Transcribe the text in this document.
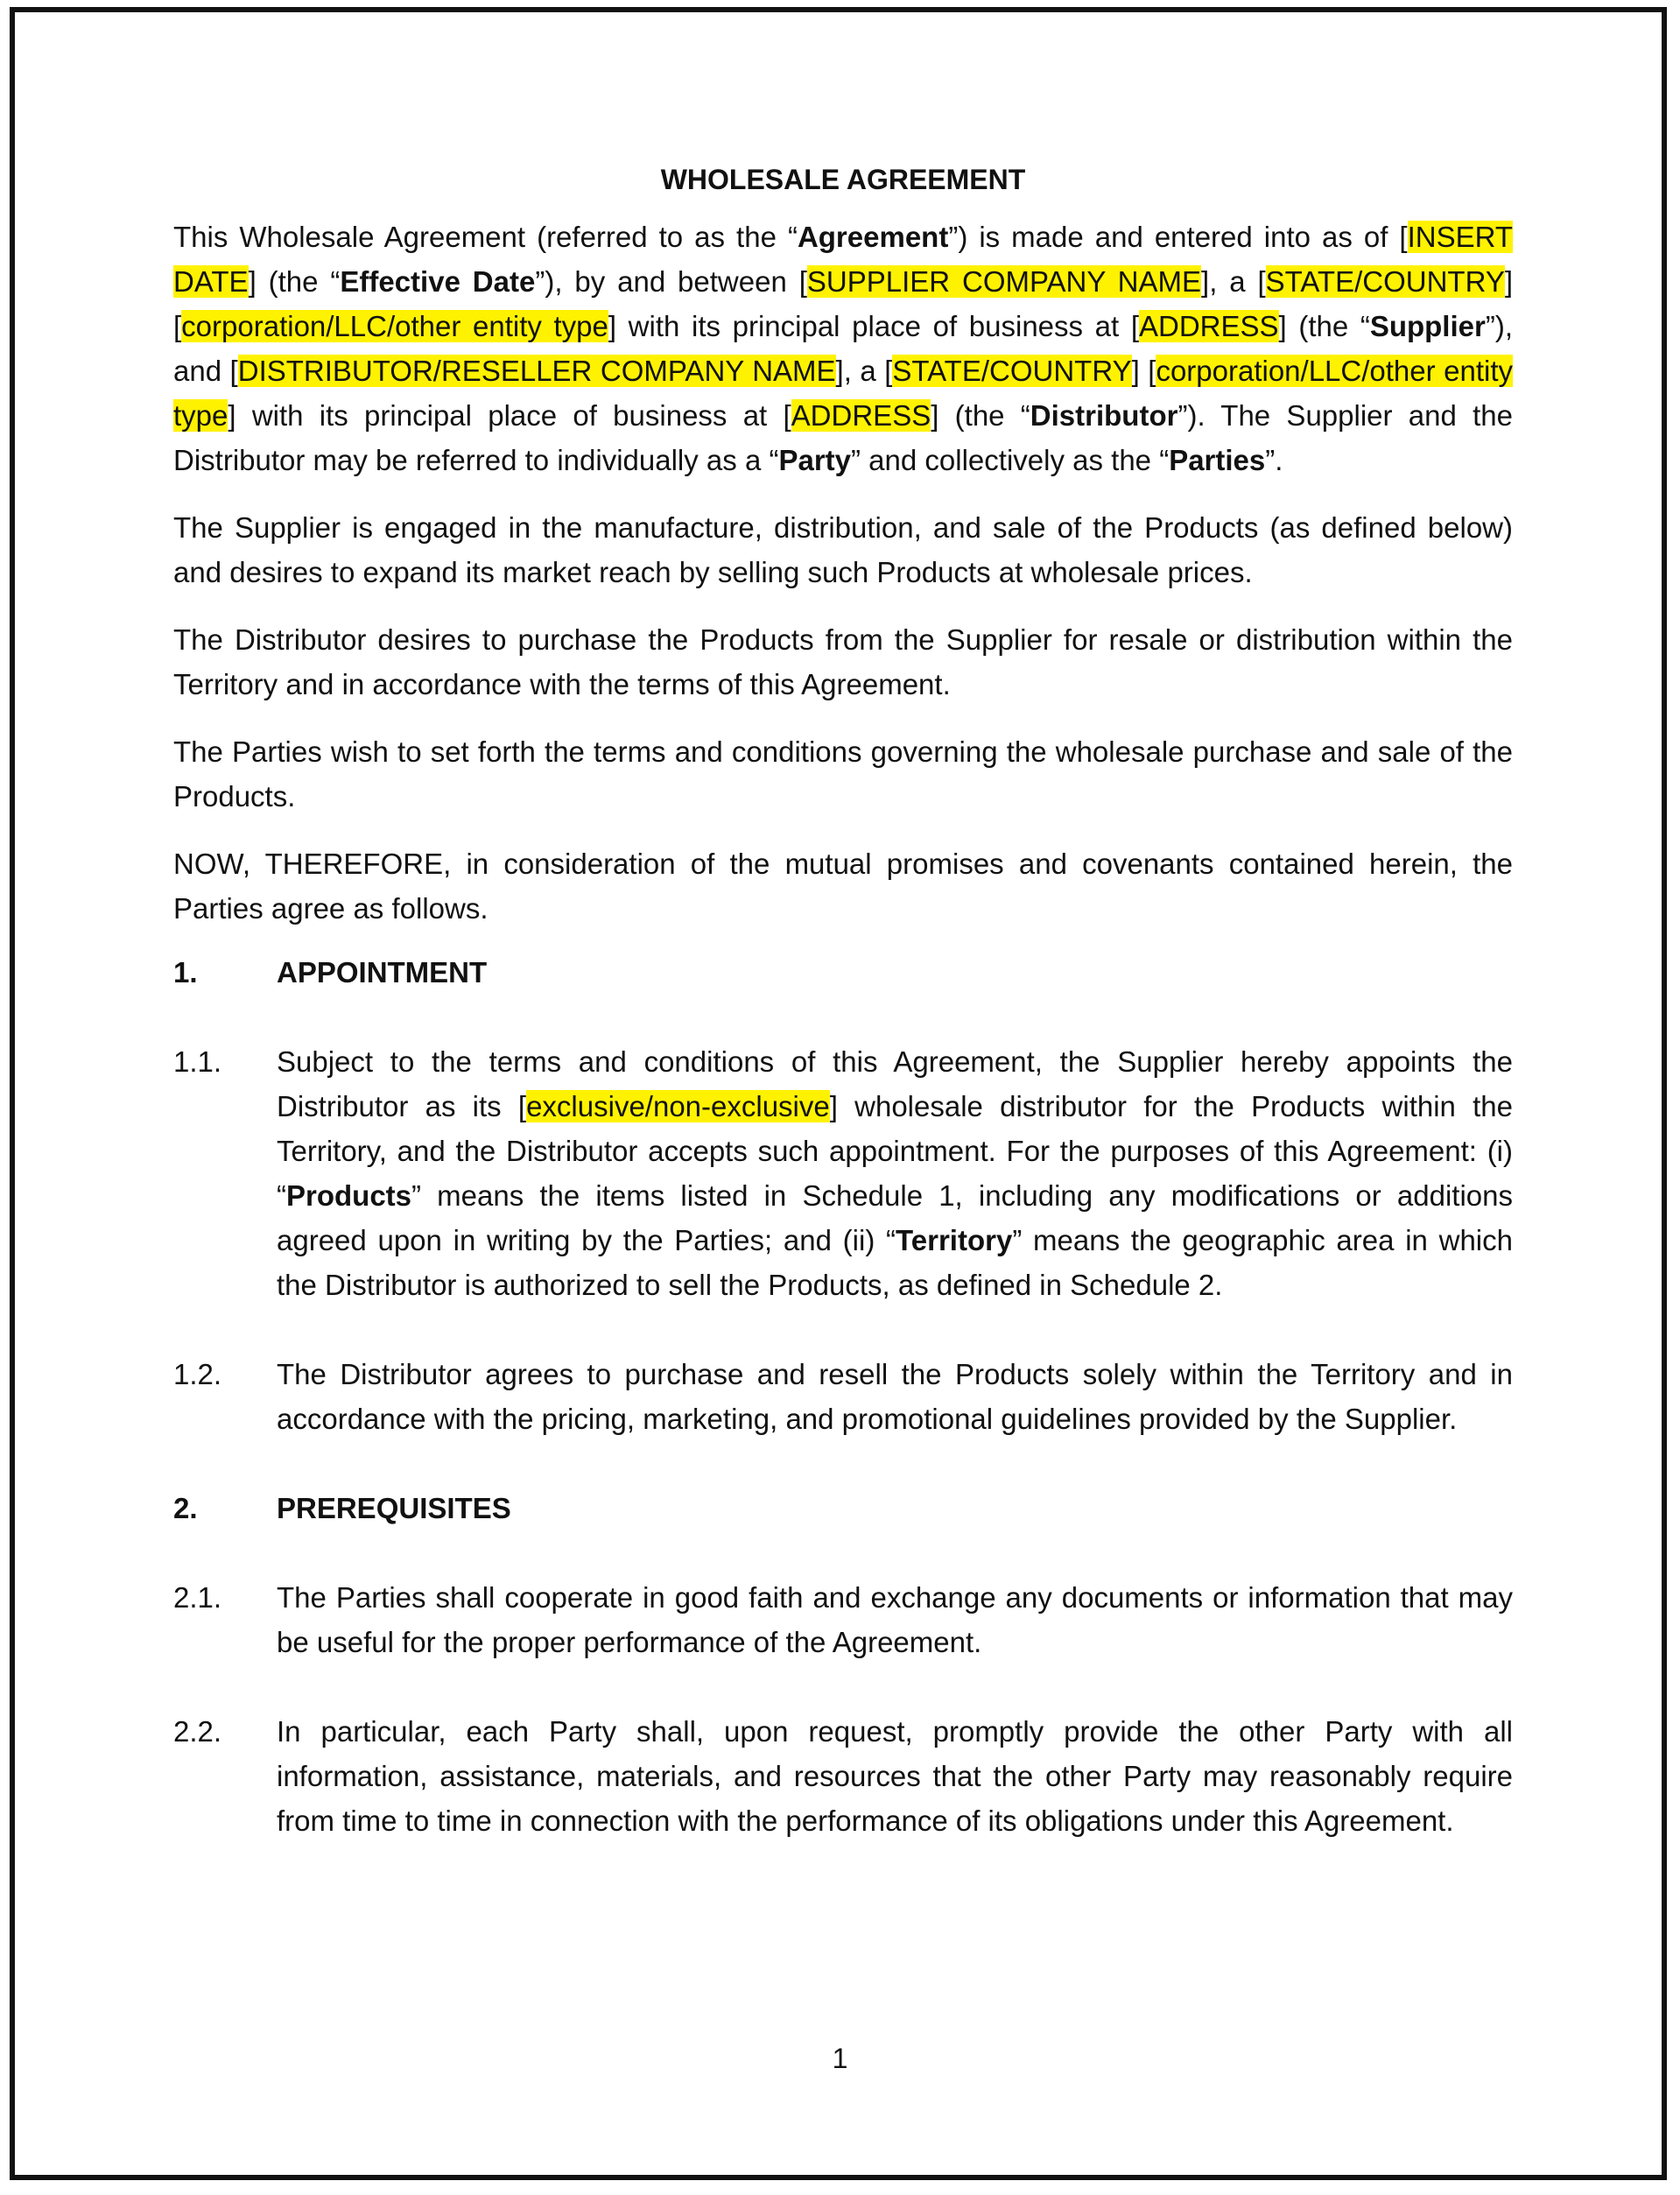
WHOLESALE AGREEMENT

This Wholesale Agreement (referred to as the “Agreement”) is made and entered into as of [INSERT DATE] (the “Effective Date”), by and between [SUPPLIER COMPANY NAME], a [STATE/COUNTRY] [corporation/LLC/other entity type] with its principal place of business at [ADDRESS] (the “Supplier”), and [DISTRIBUTOR/RESELLER COMPANY NAME], a [STATE/COUNTRY] [corporation/LLC/other entity type] with its principal place of business at [ADDRESS] (the “Distributor”). The Supplier and the Distributor may be referred to individually as a “Party” and collectively as the “Parties”.

The Supplier is engaged in the manufacture, distribution, and sale of the Products (as defined below) and desires to expand its market reach by selling such Products at wholesale prices.

The Distributor desires to purchase the Products from the Supplier for resale or distribution within the Territory and in accordance with the terms of this Agreement.

The Parties wish to set forth the terms and conditions governing the wholesale purchase and sale of the Products.

NOW, THEREFORE, in consideration of the mutual promises and covenants contained herein, the Parties agree as follows.

1.	APPOINTMENT
1.1.	Subject to the terms and conditions of this Agreement, the Supplier hereby appoints the Distributor as its [exclusive/non-exclusive] wholesale distributor for the Products within the Territory, and the Distributor accepts such appointment. For the purposes of this Agreement: (i) “Products” means the items listed in Schedule 1, including any modifications or additions agreed upon in writing by the Parties; and (ii) “Territory” means the geographic area in which the Distributor is authorized to sell the Products, as defined in Schedule 2.
1.2.	The Distributor agrees to purchase and resell the Products solely within the Territory and in accordance with the pricing, marketing, and promotional guidelines provided by the Supplier.
2.	PREREQUISITES
2.1.	The Parties shall cooperate in good faith and exchange any documents or information that may be useful for the proper performance of the Agreement.
2.2.	In particular, each Party shall, upon request, promptly provide the other Party with all information, assistance, materials, and resources that the other Party may reasonably require from time to time in connection with the performance of its obligations under this Agreement.
1
